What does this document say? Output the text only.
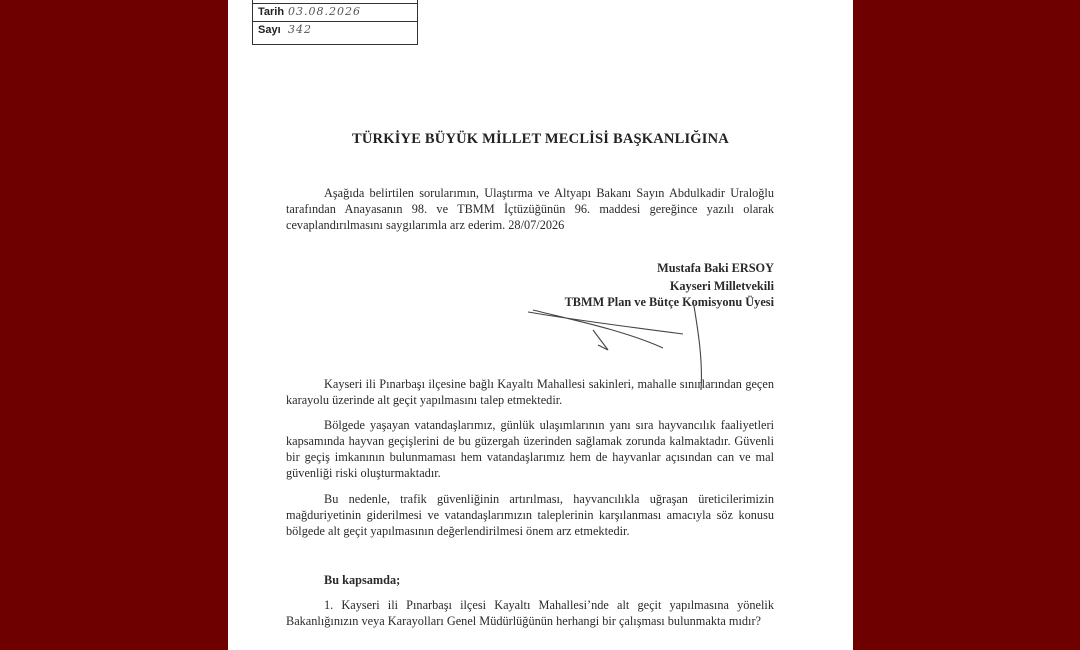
Tarih 03.08.2026
Sayı 342
TÜRKİYE BÜYÜK MİLLET MECLİSİ BAŞKANLIĞINA

Aşağıda belirtilen sorularımın, Ulaştırma ve Altyapı Bakanı Sayın Abdulkadir Uraloğlu tarafından Anayasanın 98. ve TBMM İçtüzüğünün 96. maddesi gereğince yazılı olarak cevaplandırılmasını saygılarımla arz ederim. 28/07/2026

Mustafa Baki ERSOY
Kayseri Milletvekili
TBMM Plan ve Bütçe Komisyonu Üyesi

Kayseri ili Pınarbaşı ilçesine bağlı Kayaltı Mahallesi sakinleri, mahalle sınırlarından geçen karayolu üzerinde alt geçit yapılmasını talep etmektedir.

Bölgede yaşayan vatandaşlarımız, günlük ulaşımlarının yanı sıra hayvancılık faaliyetleri kapsamında hayvan geçişlerini de bu güzergah üzerinden sağlamak zorunda kalmaktadır. Güvenli bir geçiş imkanının bulunmaması hem vatandaşlarımız hem de hayvanlar açısından can ve mal güvenliği riski oluşturmaktadır.

Bu nedenle, trafik güvenliğinin artırılması, hayvancılıkla uğraşan üreticilerimizin mağduriyetinin giderilmesi ve vatandaşlarımızın taleplerinin karşılanması amacıyla söz konusu bölgede alt geçit yapılmasının değerlendirilmesi önem arz etmektedir.

Bu kapsamda;

1. Kayseri ili Pınarbaşı ilçesi Kayaltı Mahallesi’nde alt geçit yapılmasına yönelik Bakanlığınızın veya Karayolları Genel Müdürlüğünün herhangi bir çalışması bulunmakta mıdır?
